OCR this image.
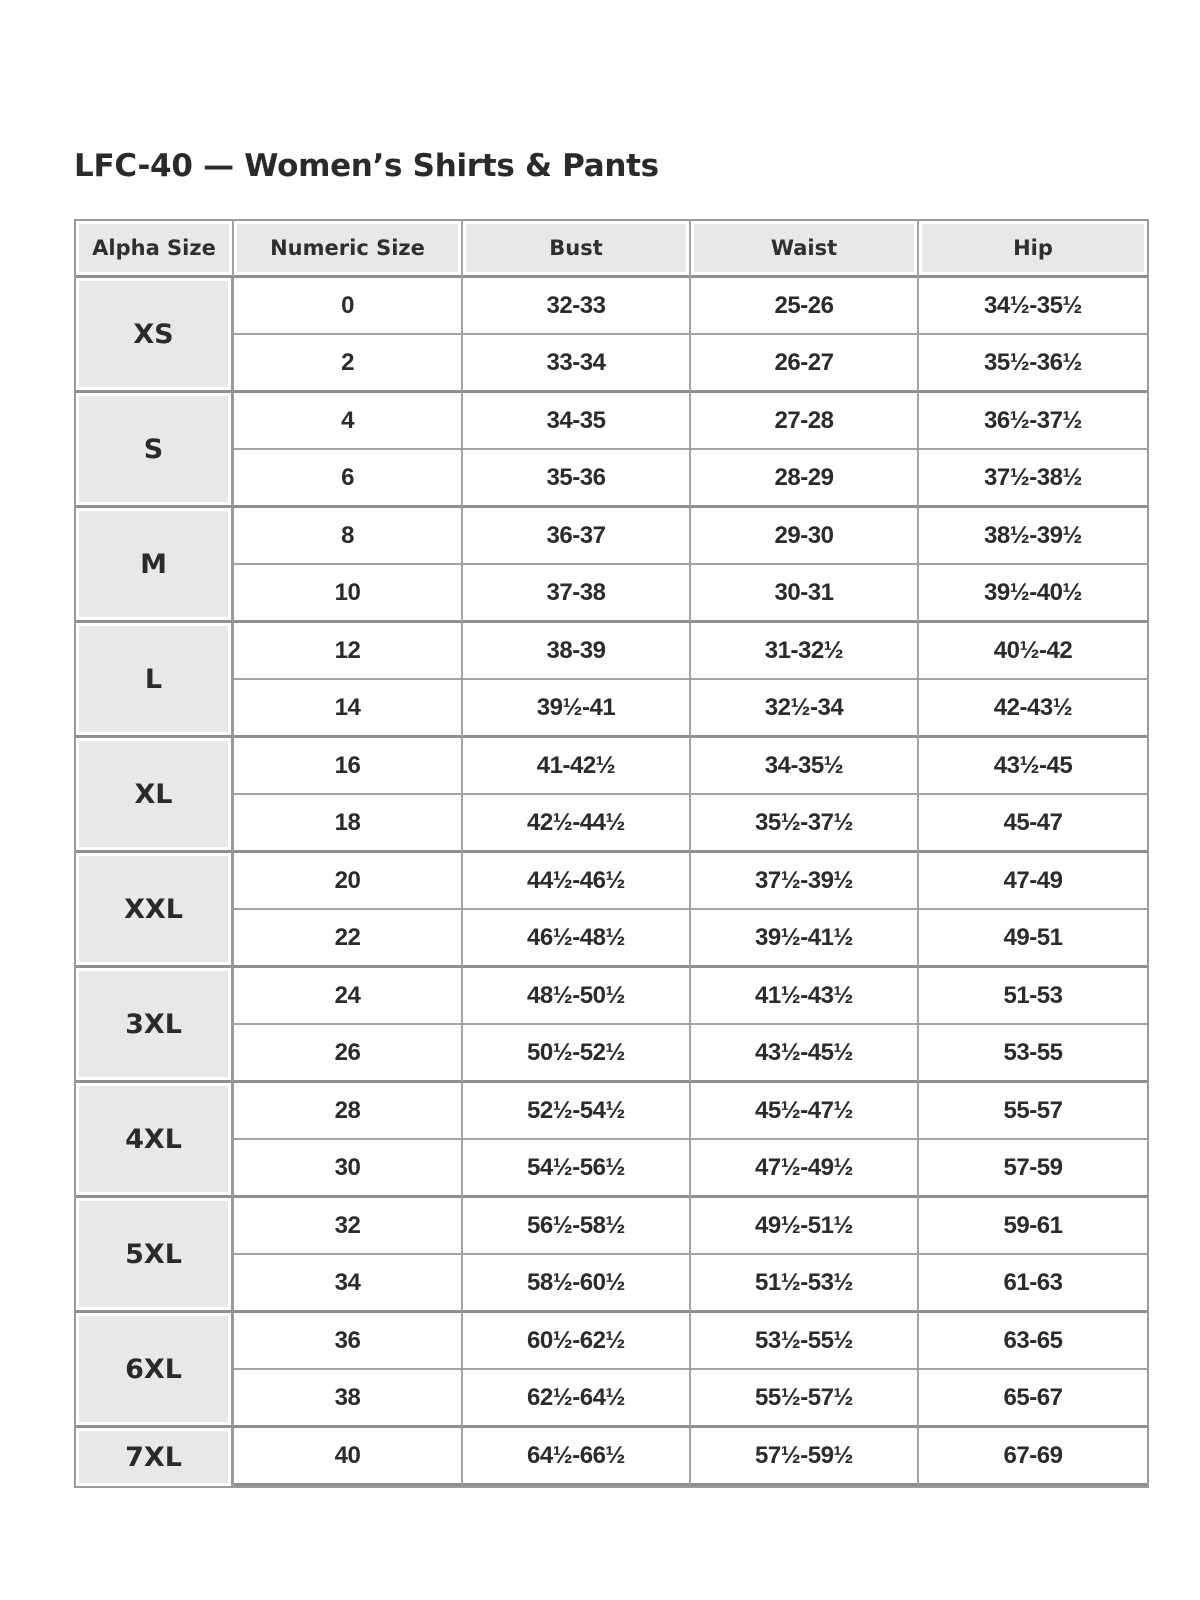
LFC-40 — Women’s Shirts & Pants
Alpha Size	Numeric Size	Bust	Waist	Hip
XS	0	32-33	25-26	34½-35½
	2	33-34	26-27	35½-36½
S	4	34-35	27-28	36½-37½
	6	35-36	28-29	37½-38½
M	8	36-37	29-30	38½-39½
	10	37-38	30-31	39½-40½
L	12	38-39	31-32½	40½-42
	14	39½-41	32½-34	42-43½
XL	16	41-42½	34-35½	43½-45
	18	42½-44½	35½-37½	45-47
XXL	20	44½-46½	37½-39½	47-49
	22	46½-48½	39½-41½	49-51
3XL	24	48½-50½	41½-43½	51-53
	26	50½-52½	43½-45½	53-55
4XL	28	52½-54½	45½-47½	55-57
	30	54½-56½	47½-49½	57-59
5XL	32	56½-58½	49½-51½	59-61
	34	58½-60½	51½-53½	61-63
6XL	36	60½-62½	53½-55½	63-65
	38	62½-64½	55½-57½	65-67
7XL	40	64½-66½	57½-59½	67-69
